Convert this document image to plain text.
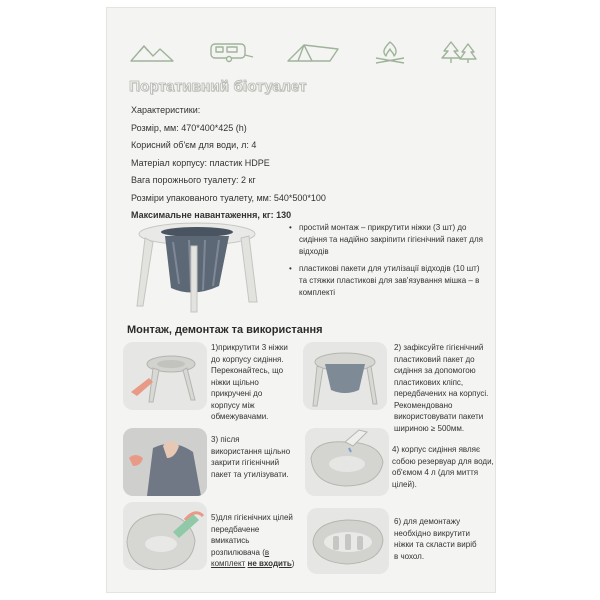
Портативний біотуалет
Характеристики:
Розмір, мм: 470*400*425 (h)
Корисний об'єм для води, л: 4
Матеріал корпусу: пластик HDPE
Вага порожнього туалету: 2 кг
Розміри упакованого туалету, мм: 540*500*100
Максимальне навантаження, кг: 130
• простий монтаж – прикрутити ніжки (3 шт) до сидіння та надійно закріпити гігієнічний пакет для відходів
• пластикові пакети для утилізації відходів (10 шт) та стяжки пластикові для зав'язування мішка – в комплекті
Монтаж, демонтаж та використання
1)прикрутити 3 ніжки
до корпусу сидіння.
Переконайтесь, що
ніжки щільно
прикручені до
корпусу між
обмежувачами.
2) зафіксуйте гігієнічний
пластиковий пакет до
сидіння за допомогою
пластикових кліпс,
передбачених на корпусі.
Рекомендовано
використовувати пакети
шириною ≥ 500мм.
3) після
використання щільно
закрити гігієнічний
пакет та утилізувати.
4) корпус сидіння являє
собою резервуар для води,
об'ємом 4 л (для миття
цілей).
5)для гігієнічних цілей
передбачене
вмикатись
розпилювача (в
комплект не входить)
6) для демонтажу
необхідно викрутити
ніжки та скласти виріб
в чохол.
